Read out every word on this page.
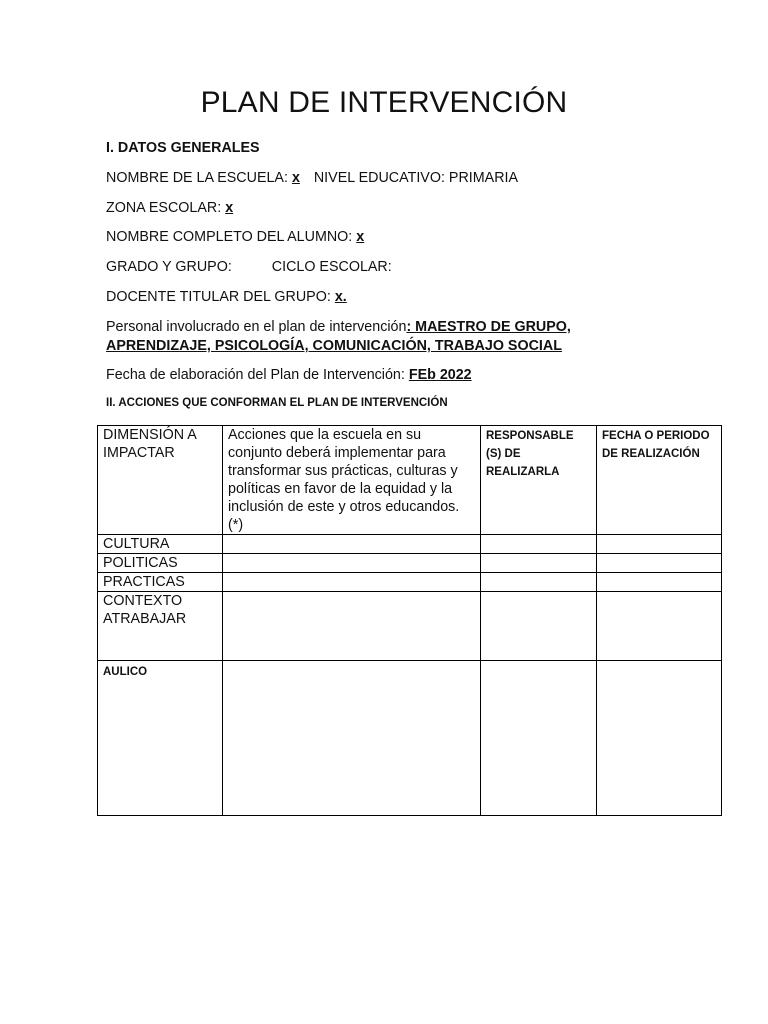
PLAN DE INTERVENCIÓN
I. DATOS GENERALES
NOMBRE DE LA ESCUELA: x NIVEL EDUCATIVO: PRIMARIA
ZONA ESCOLAR: x
NOMBRE COMPLETO DEL ALUMNO: x
GRADO Y GRUPO:	CICLO ESCOLAR:
DOCENTE TITULAR DEL GRUPO: x.
Personal involucrado en el plan de intervención: MAESTRO DE GRUPO,
APRENDIZAJE, PSICOLOGÍA, COMUNICACIÓN, TRABAJO SOCIAL
Fecha de elaboración del Plan de Intervención: FEb 2022
II. ACCIONES QUE CONFORMAN EL PLAN DE INTERVENCIÓN
DIMENSIÓN A IMPACTAR	Acciones que la escuela en su conjunto deberá implementar para transformar sus prácticas, culturas y políticas en favor de la equidad y la inclusión de este y otros educandos. (*)	RESPONSABLE (S) DE REALIZARLA	FECHA O PERIODO DE REALIZACIÓN
CULTURA			
POLITICAS			
PRACTICAS			
CONTEXTO ATRABAJAR			
AULICO			
